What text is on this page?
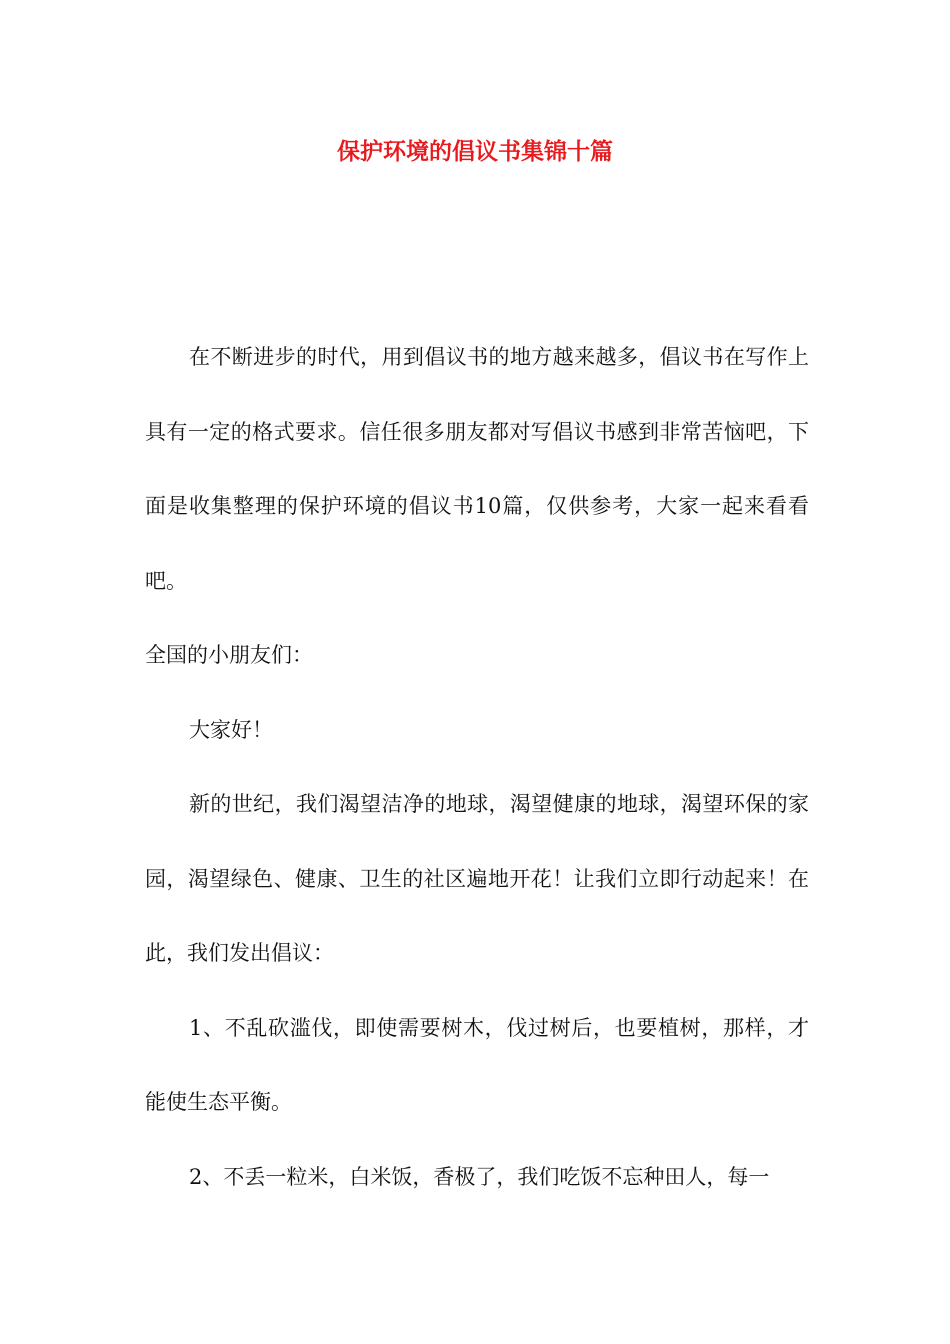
保护环境的倡议书集锦十篇

在不断进步的时代，用到倡议书的地方越来越多，倡议书在写作上具有一定的格式要求。信任很多朋友都对写倡议书感到非常苦恼吧，下面是收集整理的保护环境的倡议书10篇，仅供参考，大家一起来看看吧。

全国的小朋友们：

大家好！

新的世纪，我们渴望洁净的地球，渴望健康的地球，渴望环保的家园，渴望绿色、健康、卫生的社区遍地开花！让我们立即行动起来！在此，我们发出倡议：

1、不乱砍滥伐，即使需要树木，伐过树后，也要植树，那样，才能使生态平衡。

2、不丢一粒米，白米饭，香极了，我们吃饭不忘种田人，每一
